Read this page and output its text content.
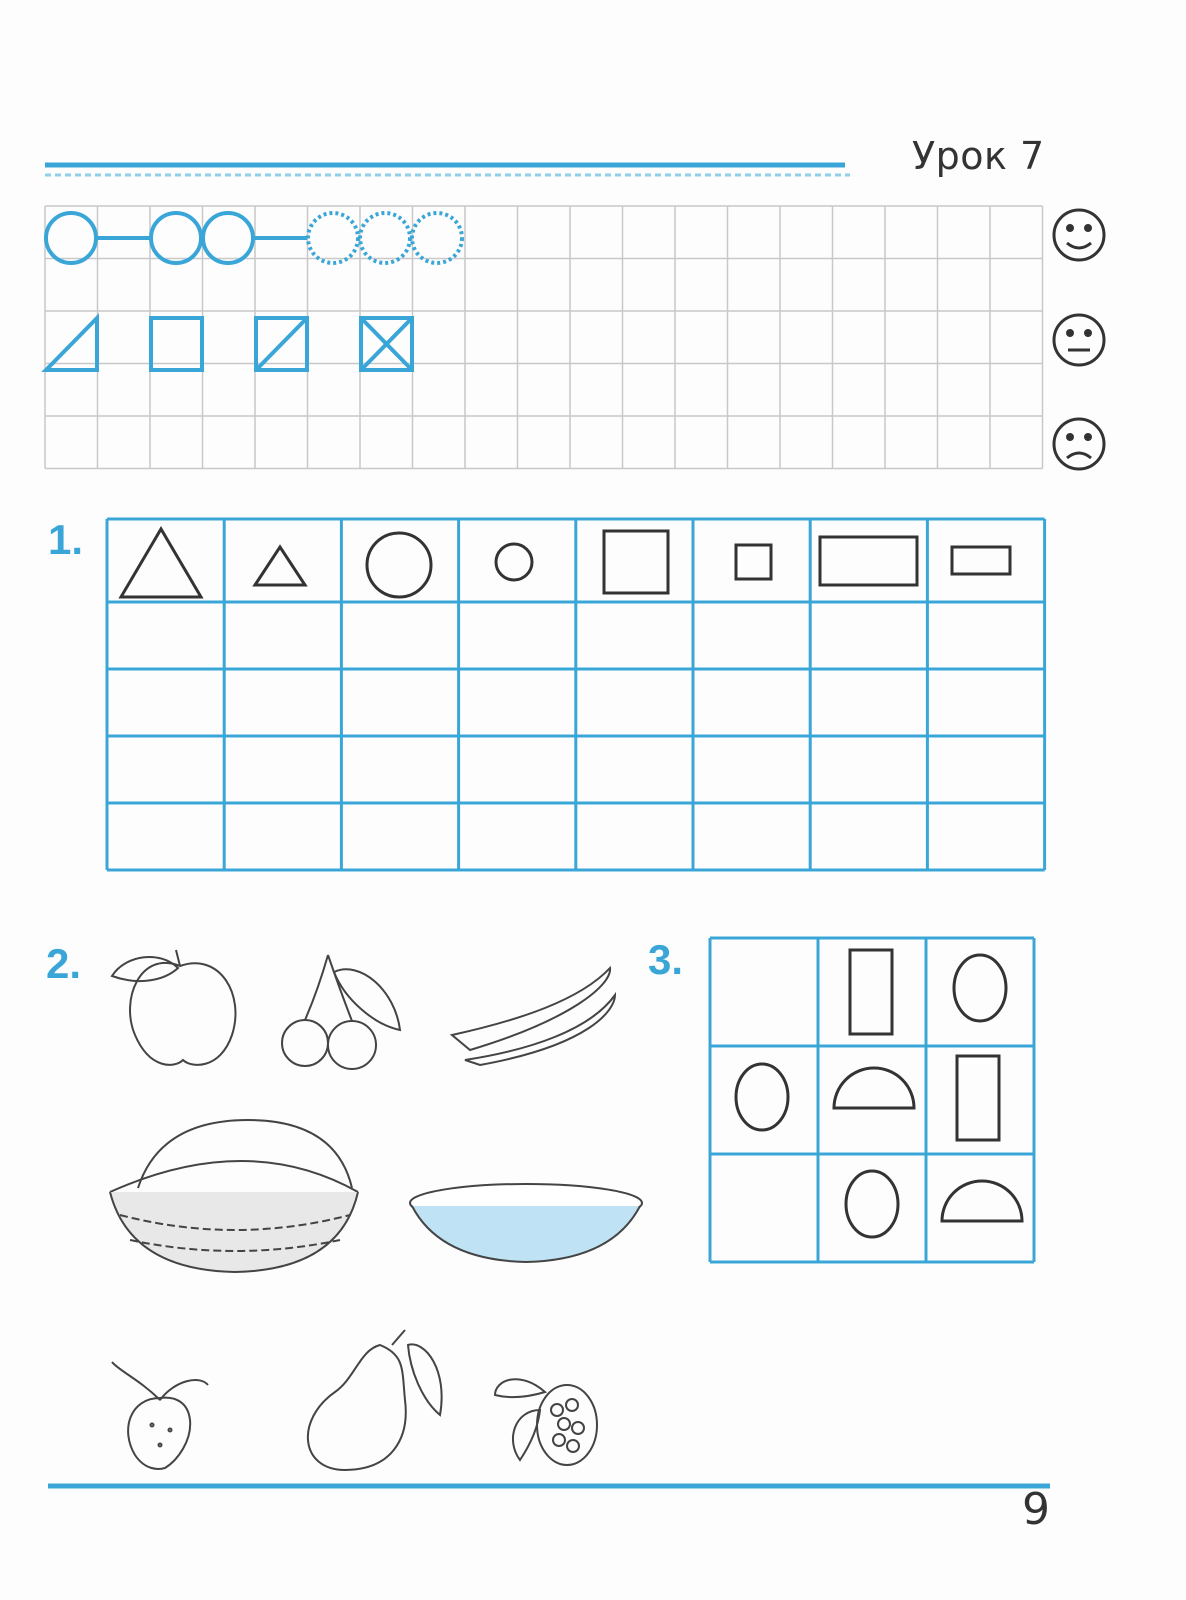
Урок 7
1.
2.	3.
9
